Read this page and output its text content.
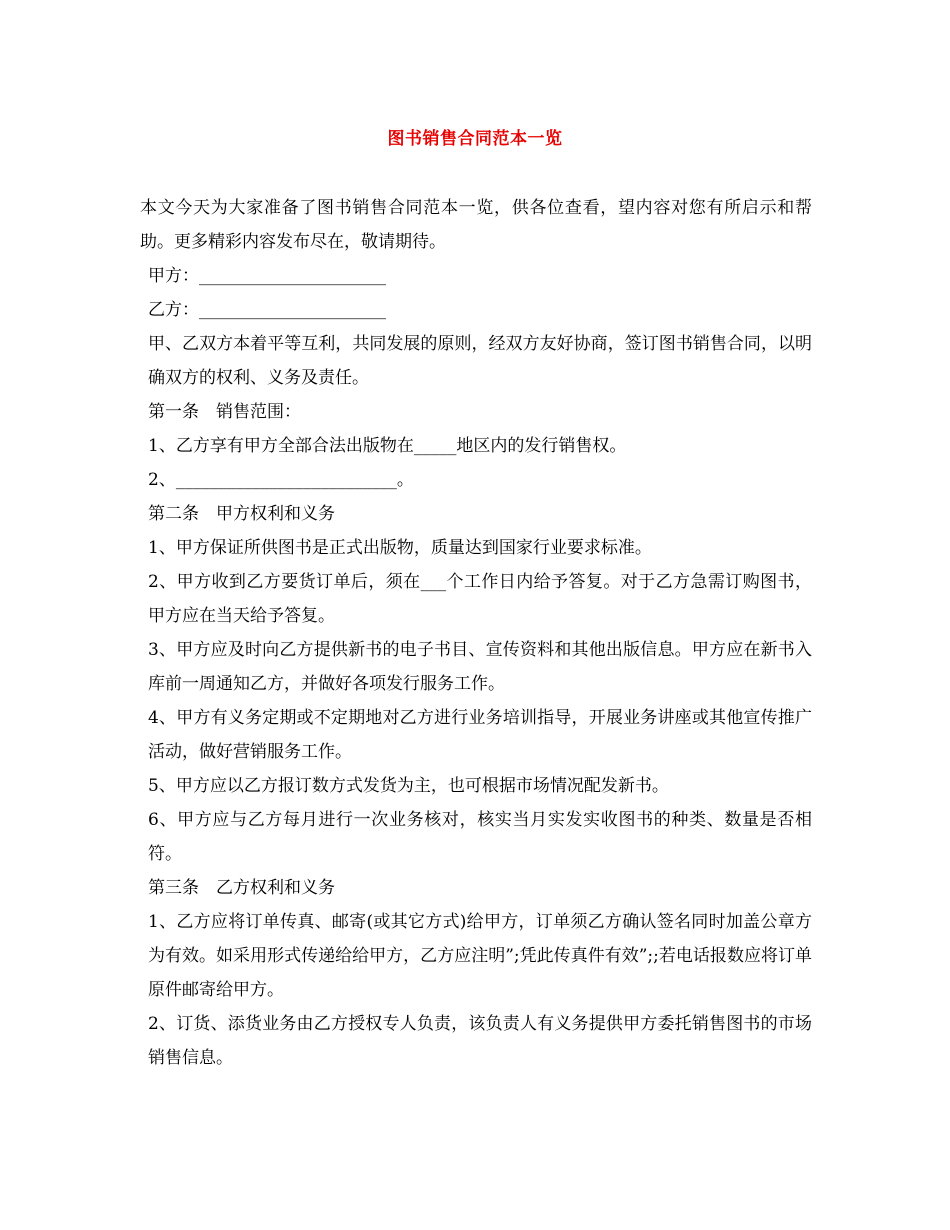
图书销售合同范本一览

本文今天为大家准备了图书销售合同范本一览，供各位查看，望内容对您有所启示和帮助。更多精彩内容发布尽在，敬请期待。

甲方：______________________

乙方：______________________

甲、乙双方本着平等互利，共同发展的原则，经双方友好协商，签订图书销售合同，以明确双方的权利、义务及责任。

第一条　销售范围：

1、乙方享有甲方全部合法出版物在_____地区内的发行销售权。

2、__________________________。

第二条　甲方权利和义务

1、甲方保证所供图书是正式出版物，质量达到国家行业要求标准。

2、甲方收到乙方要货订单后，须在___个工作日内给予答复。对于乙方急需订购图书，甲方应在当天给予答复。

3、甲方应及时向乙方提供新书的电子书目、宣传资料和其他出版信息。甲方应在新书入库前一周通知乙方，并做好各项发行服务工作。

4、甲方有义务定期或不定期地对乙方进行业务培训指导，开展业务讲座或其他宣传推广活动，做好营销服务工作。

5、甲方应以乙方报订数方式发货为主，也可根据市场情况配发新书。

6、甲方应与乙方每月进行一次业务核对，核实当月实发实收图书的种类、数量是否相符。

第三条　乙方权利和义务

1、乙方应将订单传真、邮寄(或其它方式)给甲方，订单须乙方确认签名同时加盖公章方为有效。如采用形式传递给给甲方，乙方应注明”;凭此传真件有效”;;若电话报数应将订单原件邮寄给甲方。

2、订货、添货业务由乙方授权专人负责，该负责人有义务提供甲方委托销售图书的市场销售信息。
